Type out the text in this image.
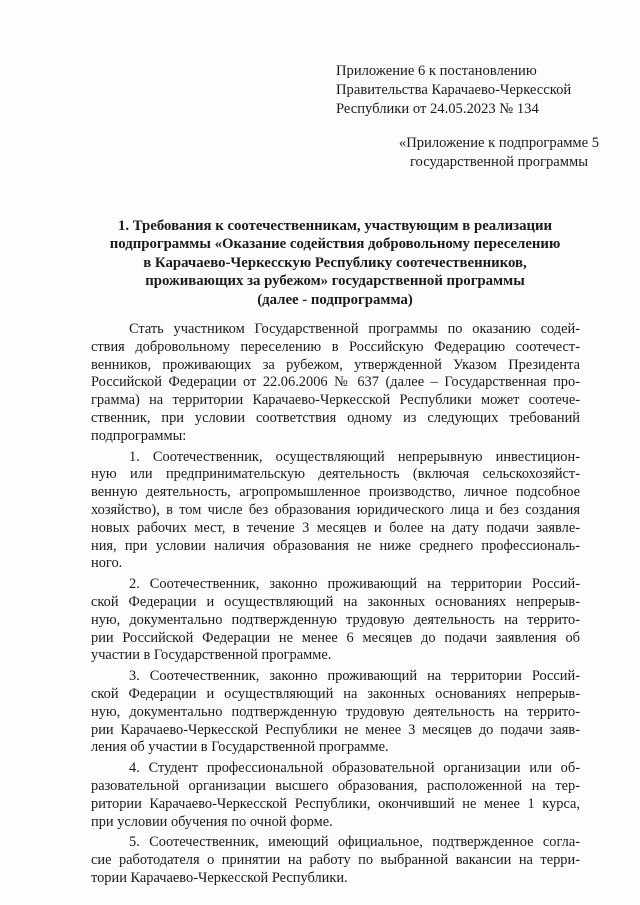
Приложение 6 к постановлению
Правительства Карачаево-Черкесской
Республики от 24.05.2023 № 134
«Приложение к подпрограмме 5
государственной программы
1. Требования к соотечественникам, участвующим в реализации
подпрограммы «Оказание содействия добровольному переселению
в Карачаево-Черкесскую Республику соотечественников,
проживающих за рубежом» государственной программы
(далее - подпрограмма)
Стать участником Государственной программы по оказанию содей-
ствия добровольному переселению в Российскую Федерацию соотечест-
венников, проживающих за рубежом, утвержденной Указом Президента
Российской Федерации от 22.06.2006 № 637 (далее – Государственная про-
грамма) на территории Карачаево-Черкесской Республики может соотече-
ственник, при условии соответствия одному из следующих требований
подпрограммы:
1. Соотечественник, осуществляющий непрерывную инвестицион-
ную или предпринимательскую деятельность (включая сельскохозяйст-
венную деятельность, агропромышленное производство, личное подсобное
хозяйство), в том числе без образования юридического лица и без создания
новых рабочих мест, в течение 3 месяцев и более на дату подачи заявле-
ния, при условии наличия образования не ниже среднего профессиональ-
ного.
2. Соотечественник, законно проживающий на территории Россий-
ской Федерации и осуществляющий на законных основаниях непрерыв-
ную, документально подтвержденную трудовую деятельность на террито-
рии Российской Федерации не менее 6 месяцев до подачи заявления об
участии в Государственной программе.
3. Соотечественник, законно проживающий на территории Россий-
ской Федерации и осуществляющий на законных основаниях непрерыв-
ную, документально подтвержденную трудовую деятельность на террито-
рии Карачаево-Черкесской Республики не менее 3 месяцев до подачи заяв-
ления об участии в Государственной программе.
4. Студент профессиональной образовательной организации или об-
разовательной организации высшего образования, расположенной на тер-
ритории Карачаево-Черкесской Республики, окончивший не менее 1 курса,
при условии обучения по очной форме.
5. Соотечественник, имеющий официальное, подтвержденное согла-
сие работодателя о принятии на работу по выбранной вакансии на терри-
тории Карачаево-Черкесской Республики.
